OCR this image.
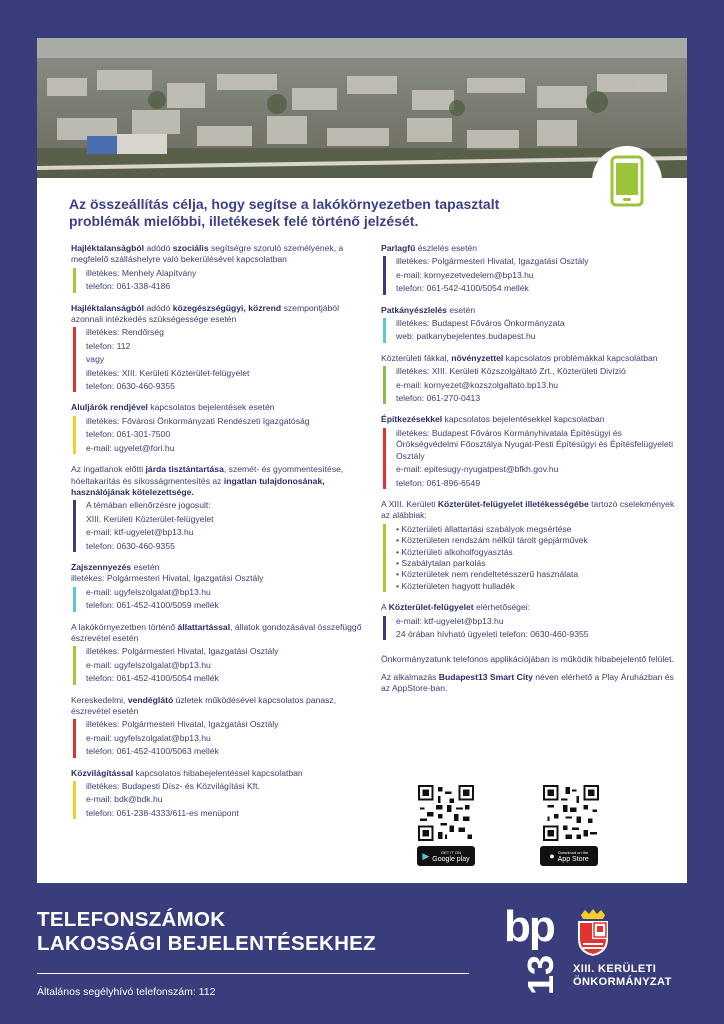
Az összeállítás célja, hogy segítse a lakókörnyezetben tapasztalt problémák mielőbbi, illetékesek felé történő jelzését.

Hajléktalanságból adódó szociális segítségre szoruló személyének, a megfelelő szálláshelyre való bekerülésével kapcsolatban

illetékes: Menhely Alapítvány

telefon: 061-338-4186

Hajléktalanságból adódó közegészségügyi, közrend szempontjából azonnali intézkedés szükségessége esetén

illetékes: Rendőrség

telefon: 112

vagy

illetékes: XIII. Kerületi Közterület-felügyelet

telefon: 0630-460-9355

Aluljárók rendjével kapcsolatos bejelentések esetén

illetékes: Fővárosi Önkormányzati Rendészeti Igazgatóság

telefon: 061-301-7500

e-mail: ugyelet@fori.hu

Az ingatlanok előtti járda tisztántartása, szemét- és gyommentesítése, hóeltakarítás és síkosságmentesítés az ingatlan tulajdonosának, használójának kötelezettsége.

A témában ellenőrzésre jogosult:

XIII. Kerületi Közterület-felügyelet

e-mail: ktf-ugyelet@bp13.hu

telefon: 0630-460-9355

Zajszennyezés esetén

illetékes: Polgármesteri Hivatal, Igazgatási Osztály

e-mail: ugyfelszolgalat@bp13.hu

telefon: 061-452-4100/5059 mellék

A lakókörnyezetben történő állattartással, állatok gondozásával összefüggő észrevétel esetén

illetékes: Polgármesteri Hivatal, Igazgatási Osztály

e-mail: ugyfelszolgalat@bp13.hu

telefon: 061-452-4100/5054 mellék

Kereskedelmi, vendéglátó üzletek működésével kapcsolatos panasz, észrevétel esetén

illetékes: Polgármesteri Hivatal, Igazgatási Osztály

e-mail: ugyfelszolgalat@bp13.hu

telefon: 061-452-4100/5063 mellék

Közvilágítással kapcsolatos hibabejelentéssel kapcsolatban

illetékes: Budapesti Dísz- és Közvilágítási Kft.

e-mail: bdk@bdk.hu

telefon: 061-238-4333/611-es menüpont

Parlagfű észlelés esetén

illetékes: Polgármesteri Hivatal, Igazgatási Osztály

e-mail: kornyezetvedelem@bp13.hu

telefon: 061-542-4100/5054 mellék

Patkányészlelés esetén

illetékes: Budapest Főváros Önkormányzata

web: patkanybejelentes.budapest.hu

Közterületi fákkal, növényzettel kapcsolatos problémákkal kapcsolatban

illetékes: XIII. Kerületi Közszolgáltató Zrt., Közterületi Divízió

e-mail: kornyezet@kozszolgaltato.bp13.hu

telefon: 061-270-0413

Építkezésekkel kapcsolatos bejelentésekkel kapcsolatban

illetékes: Budapest Főváros Kormányhivatala Építésügyi és Örökségvédelmi Főosztálya Nyugat-Pesti Építésügyi és Építésfelügyeleti Osztály

e-mail: epitesugy-nyugatpest@bfkh.gov.hu

telefon: 061-896-6549

A XIII. Kerületi Közterület-felügyelet illetékességébe tartozó cselekmények az alábbiak:

• Közterületi állattartási szabályok megsértése
• Közterületen rendszám nélkül tárolt gépjárművek
• Közterületi alkoholfogyasztás
• Szabálytalan parkolás
• Közterületek nem rendeltetésszerű használata
• Közterületen hagyott hulladék

A Közterület-felügyelet elérhetőségei:

e-mail: ktf-ugyelet@bp13.hu

24 órában hívható ügyeleti telefon: 0630-460-9355

Önkormányzatunk telefonos applikációjában is működik hibabejelentő felület.

Az alkalmazás Budapest13 Smart City néven elérhető a Play Áruházban és az AppStore-ban.

▶	GET IT ON
Google play	● Download on the
App Store
TELEFONSZÁMOK
LAKOSSÁGI BEJELENTÉSEKHEZ
Általános segélyhívó telefonszám: 112
bp
13 XIII. KERÜLETI
ÖNKORMÁNYZAT
